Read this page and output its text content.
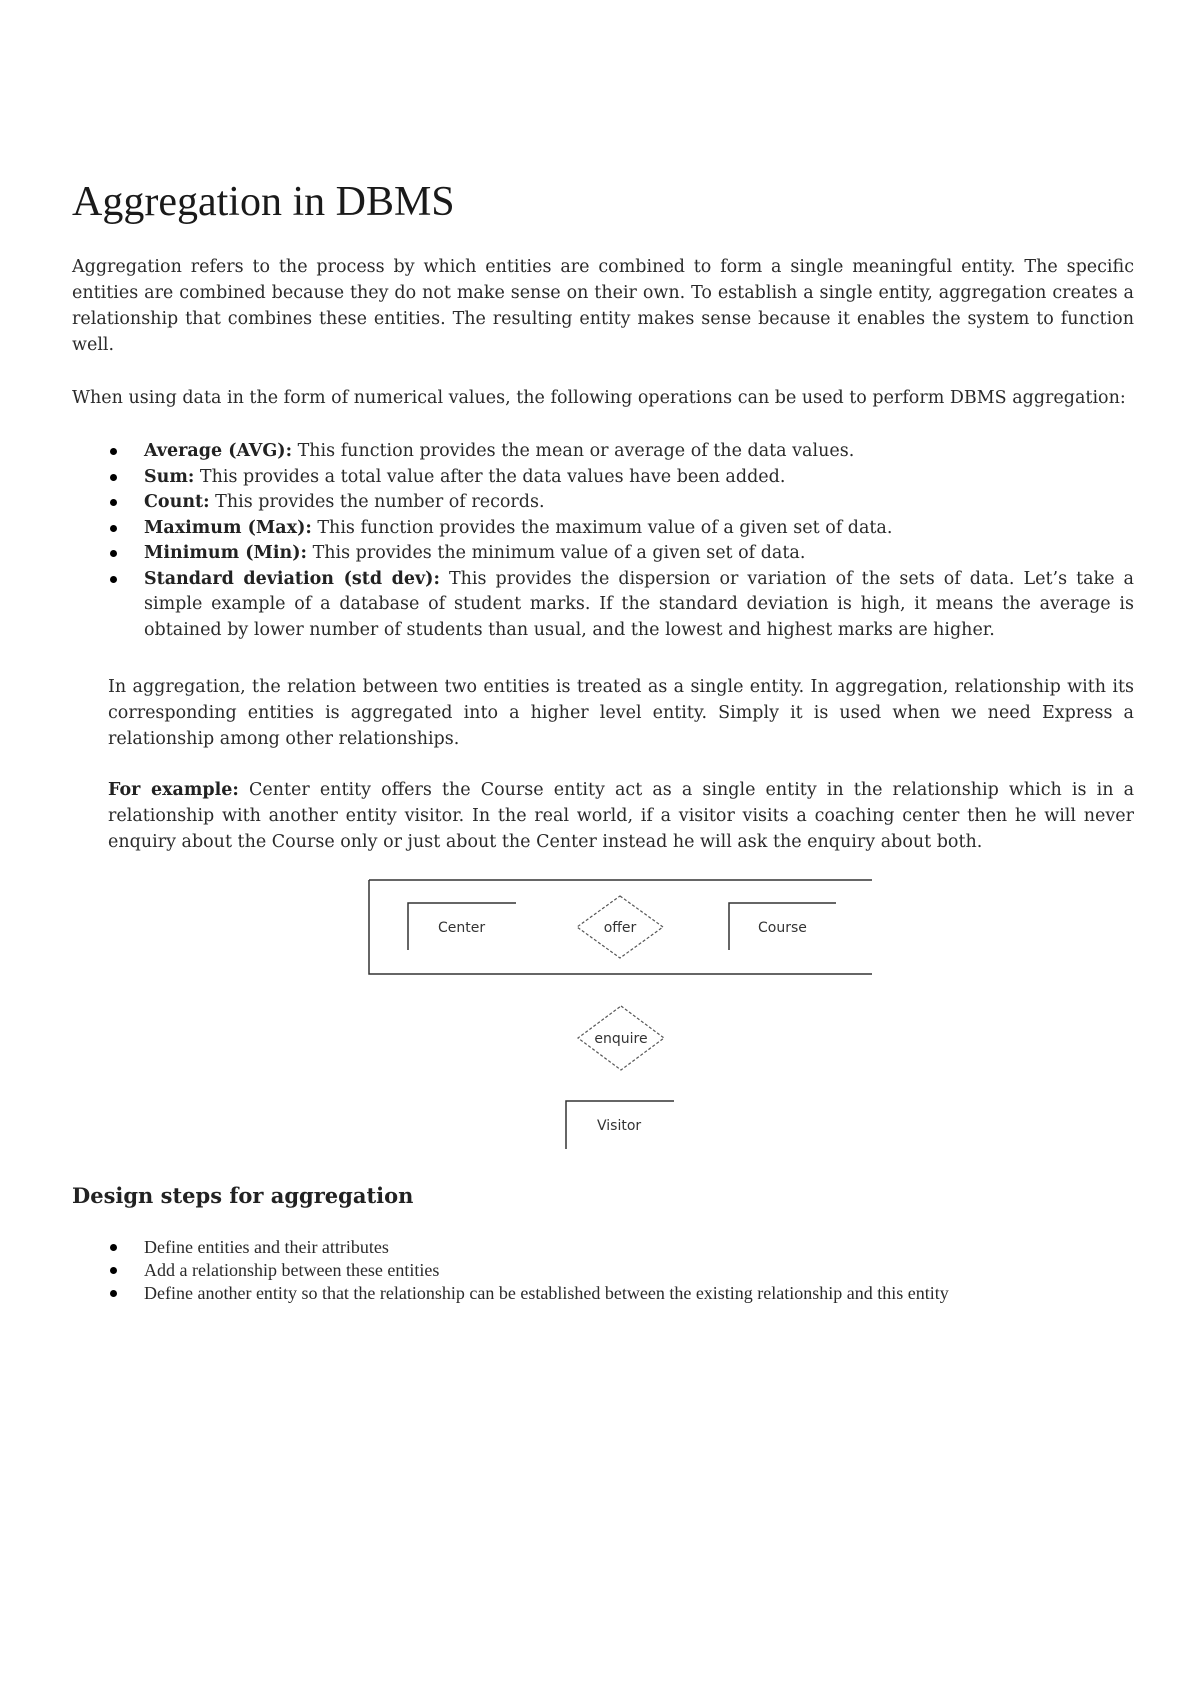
Aggregation in DBMS

Aggregation refers to the process by which entities are combined to form a single meaningful entity. The specific entities are combined because they do not make sense on their own. To establish a single entity, aggregation creates a relationship that combines these entities. The resulting entity makes sense because it enables the system to function well.

When using data in the form of numerical values, the following operations can be used to perform DBMS aggregation:

Average (AVG): This function provides the mean or average of the data values.
Sum: This provides a total value after the data values have been added.
Count: This provides the number of records.
Maximum (Max): This function provides the maximum value of a given set of data.
Minimum (Min): This provides the minimum value of a given set of data.
Standard deviation (std dev): This provides the dispersion or variation of the sets of data. Let’s take a simple example of a database of student marks. If the standard deviation is high, it means the average is obtained by lower number of students than usual, and the lowest and highest marks are higher.

In aggregation, the relation between two entities is treated as a single entity. In aggregation, relationship with its corresponding entities is aggregated into a higher level entity. Simply it is used when we need Express a relationship among other relationships.

For example: Center entity offers the Course entity act as a single entity in the relationship which is in a relationship with another entity visitor. In the real world, if a visitor visits a coaching center then he will never enquiry about the Course only or just about the Center instead he will ask the enquiry about both.

Center	offer	Course
enquire
Visitor
Design steps for aggregation
Define entities and their attributes
Add a relationship between these entities
Define another entity so that the relationship can be established between the existing relationship and this entity
